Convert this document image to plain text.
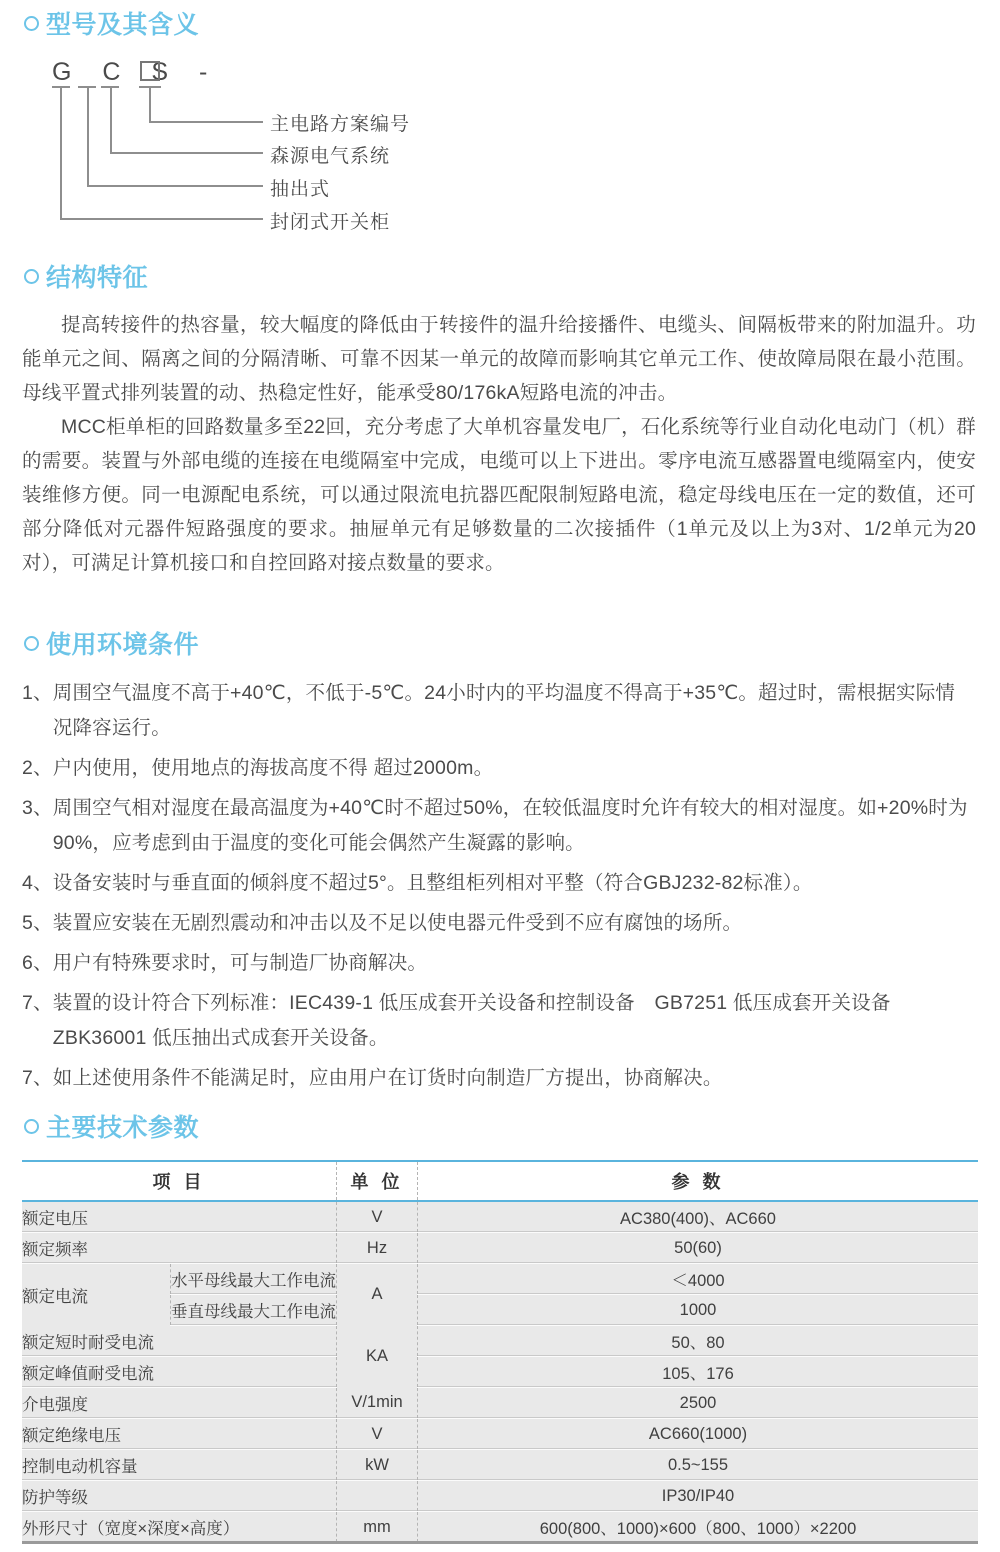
型号及其含义
G C S -
主电路方案编号
森源电气系统
抽出式
封闭式开关柜
结构特征
提高转接件的热容量，较大幅度的降低由于转接件的温升给接播件、电缆头、间隔板带来的附加温升。功能单元之间、隔离之间的分隔清晰、可靠不因某一单元的故障而影响其它单元工作、使故障局限在最小范围。母线平置式排列装置的动、热稳定性好，能承受80/176kA短路电流的冲击。
MCC柜单柜的回路数量多至22回，充分考虑了大单机容量发电厂，石化系统等行业自动化电动门（机）群的需要。装置与外部电缆的连接在电缆隔室中完成，电缆可以上下进出。零序电流互感器置电缆隔室内，使安装维修方便。同一电源配电系统，可以通过限流电抗器匹配限制短路电流，稳定母线电压在一定的数值，还可部分降低对元器件短路强度的要求。抽屉单元有足够数量的二次接插件（1单元及以上为3对、1/2单元为20对），可满足计算机接口和自控回路对接点数量的要求。
使用环境条件
1、 周围空气温度不高于+40℃，不低于-5℃。24小时内的平均温度不得高于+35℃。超过时，需根据实际情况降容运行。
2、 户内使用，使用地点的海拔高度不得 超过2000m。
3、 周围空气相对湿度在最高温度为+40℃时不超过50%，在较低温度时允许有较大的相对湿度。如+20%时为90%，应考虑到由于温度的变化可能会偶然产生凝露的影响。
4、 设备安装时与垂直面的倾斜度不超过5°。且整组柜列相对平整（符合GBJ232-82标准）。
5、 装置应安装在无剧烈震动和冲击以及不足以使电器元件受到不应有腐蚀的场所。
6、 用户有特殊要求时，可与制造厂协商解决。
7、 装置的设计符合下列标准：IEC439-1 低压成套开关设备和控制设备　GB7251 低压成套开关设备 ZBK36001 低压抽出式成套开关设备。
7、 如上述使用条件不能满足时，应由用户在订货时向制造厂方提出，协商解决。
主要技术参数
项 目		单 位	参 数
额定电压		V	AC380(400)、AC660
额定频率		Hz	50(60)
额定电流	水平母线最大工作电流	A	＜4000
	垂直母线最大工作电流		1000
额定短时耐受电流		KA	50、80
额定峰值耐受电流			105、176
介电强度		V/1min	2500
额定绝缘电压		V	AC660(1000)
控制电动机容量		kW	0.5~155
防护等级			IP30/IP40
外形尺寸（宽度×深度×高度）		mm	600(800、1000)×600（800、1000）×2200
